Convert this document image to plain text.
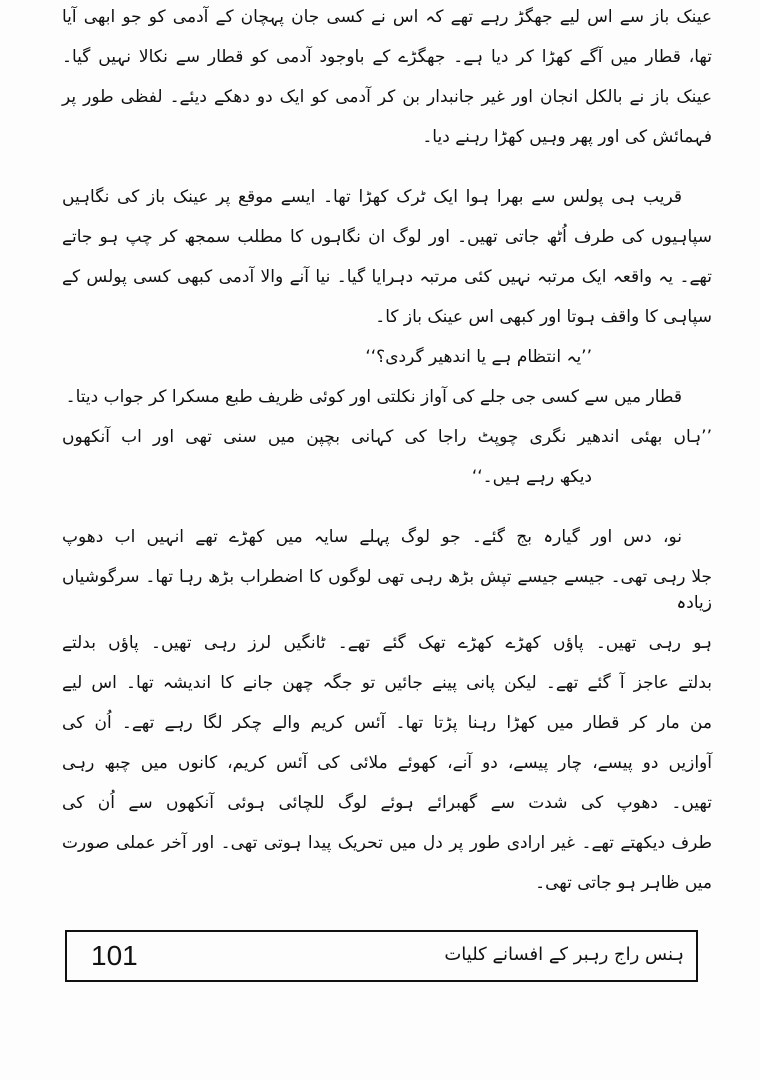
عینک باز سے اس لیے جھگڑ رہے تھے کہ اس نے کسی جان پہچان کے آدمی کو جو ابھی آیا
تھا، قطار میں آگے کھڑا کر دیا ہے۔ جھگڑے کے باوجود آدمی کو قطار سے نکالا نہیں گیا۔
عینک باز نے بالکل انجان اور غیر جانبدار بن کر آدمی کو ایک دو دھکے دیئے۔ لفظی طور پر
فہمائش کی اور پھر وہیں کھڑا رہنے دیا۔
قریب ہی پولس سے بھرا ہوا ایک ٹرک کھڑا تھا۔ ایسے موقع پر عینک باز کی نگاہیں
سپاہیوں کی طرف اُٹھ جاتی تھیں۔ اور لوگ ان نگاہوں کا مطلب سمجھ کر چپ ہو جاتے
تھے۔ یہ واقعہ ایک مرتبہ نہیں کئی مرتبہ دہرایا گیا۔ نیا آنے والا آدمی کبھی کسی پولس کے
سپاہی کا واقف ہوتا اور کبھی اس عینک باز کا۔
’’یہ انتظام ہے یا اندھیر گردی؟‘‘
قطار میں سے کسی جی جلے کی آواز نکلتی اور کوئی ظریف طبع مسکرا کر جواب دیتا۔
’’ہاں بھئی اندھیر نگری چوپٹ راجا کی کہانی بچپن میں سنی تھی اور اب آنکھوں
دیکھ رہے ہیں۔‘‘
نو، دس اور گیارہ بج گئے۔ جو لوگ پہلے سایہ میں کھڑے تھے انہیں اب دھوپ
جلا رہی تھی۔ جیسے جیسے تپش بڑھ رہی تھی لوگوں کا اضطراب بڑھ رہا تھا۔ سرگوشیاں زیادہ
ہو رہی تھیں۔ پاؤں کھڑے کھڑے تھک گئے تھے۔ ٹانگیں لرز رہی تھیں۔ پاؤں بدلتے
بدلتے عاجز آ گئے تھے۔ لیکن پانی پینے جائیں تو جگہ چھن جانے کا اندیشہ تھا۔ اس لیے
من مار کر قطار میں کھڑا رہنا پڑتا تھا۔ آئس کریم والے چکر لگا رہے تھے۔ اُن کی
آوازیں دو پیسے، چار پیسے، دو آنے، کھوئے ملائی کی آئس کریم، کانوں میں چبھ رہی
تھیں۔ دھوپ کی شدت سے گھبرائے ہوئے لوگ للچائی ہوئی آنکھوں سے اُن کی
طرف دیکھتے تھے۔ غیر ارادی طور پر دل میں تحریک پیدا ہوتی تھی۔ اور آخر عملی صورت
میں ظاہر ہو جاتی تھی۔
ہنس راج رہبر کے افسانے کلیات
101
